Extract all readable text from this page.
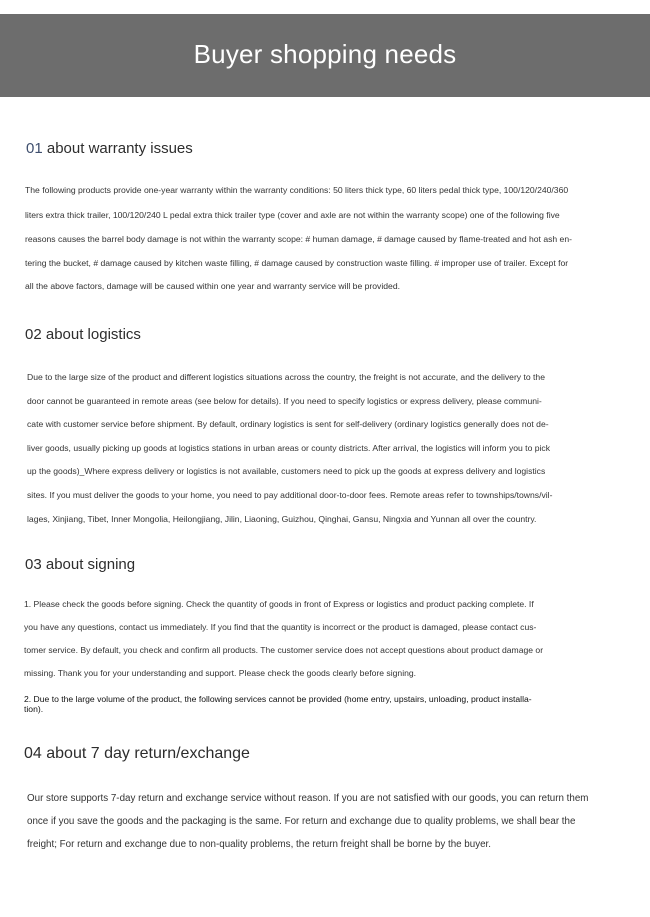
Buyer shopping needs
01 about warranty issues
The following products provide one-year warranty within the warranty conditions: 50 liters thick type, 60 liters pedal thick type, 100/120/240/360
liters extra thick trailer, 100/120/240 L pedal extra thick trailer type (cover and axle are not within the warranty scope) one of the following five
reasons causes the barrel body damage is not within the warranty scope: # human damage, # damage caused by flame-treated and hot ash en-
tering the bucket, # damage caused by kitchen waste filling, # damage caused by construction waste filling. # improper use of trailer. Except for
all the above factors, damage will be caused within one year and warranty service will be provided.
02 about logistics
Due to the large size of the product and different logistics situations across the country, the freight is not accurate, and the delivery to the
door cannot be guaranteed in remote areas (see below for details). If you need to specify logistics or express delivery, please communi-
cate with customer service before shipment. By default, ordinary logistics is sent for self-delivery (ordinary logistics generally does not de-
liver goods, usually picking up goods at logistics stations in urban areas or county districts. After arrival, the logistics will inform you to pick
up the goods)_Where express delivery or logistics is not available, customers need to pick up the goods at express delivery and logistics
sites. If you must deliver the goods to your home, you need to pay additional door-to-door fees. Remote areas refer to townships/towns/vil-
lages, Xinjiang, Tibet, Inner Mongolia, Heilongjiang, Jilin, Liaoning, Guizhou, Qinghai, Gansu, Ningxia and Yunnan all over the country.
03 about signing
1. Please check the goods before signing. Check the quantity of goods in front of Express or logistics and product packing complete. If
you have any questions, contact us immediately. If you find that the quantity is incorrect or the product is damaged, please contact cus-
tomer service. By default, you check and confirm all products. The customer service does not accept questions about product damage or
missing. Thank you for your understanding and support. Please check the goods clearly before signing.
2. Due to the large volume of the product, the following services cannot be provided (home entry, upstairs, unloading, product installa-
tion).
04 about 7 day return/exchange
Our store supports 7-day return and exchange service without reason. If you are not satisfied with our goods, you can return them
once if you save the goods and the packaging is the same. For return and exchange due to quality problems, we shall bear the
freight; For return and exchange due to non-quality problems, the return freight shall be borne by the buyer.
